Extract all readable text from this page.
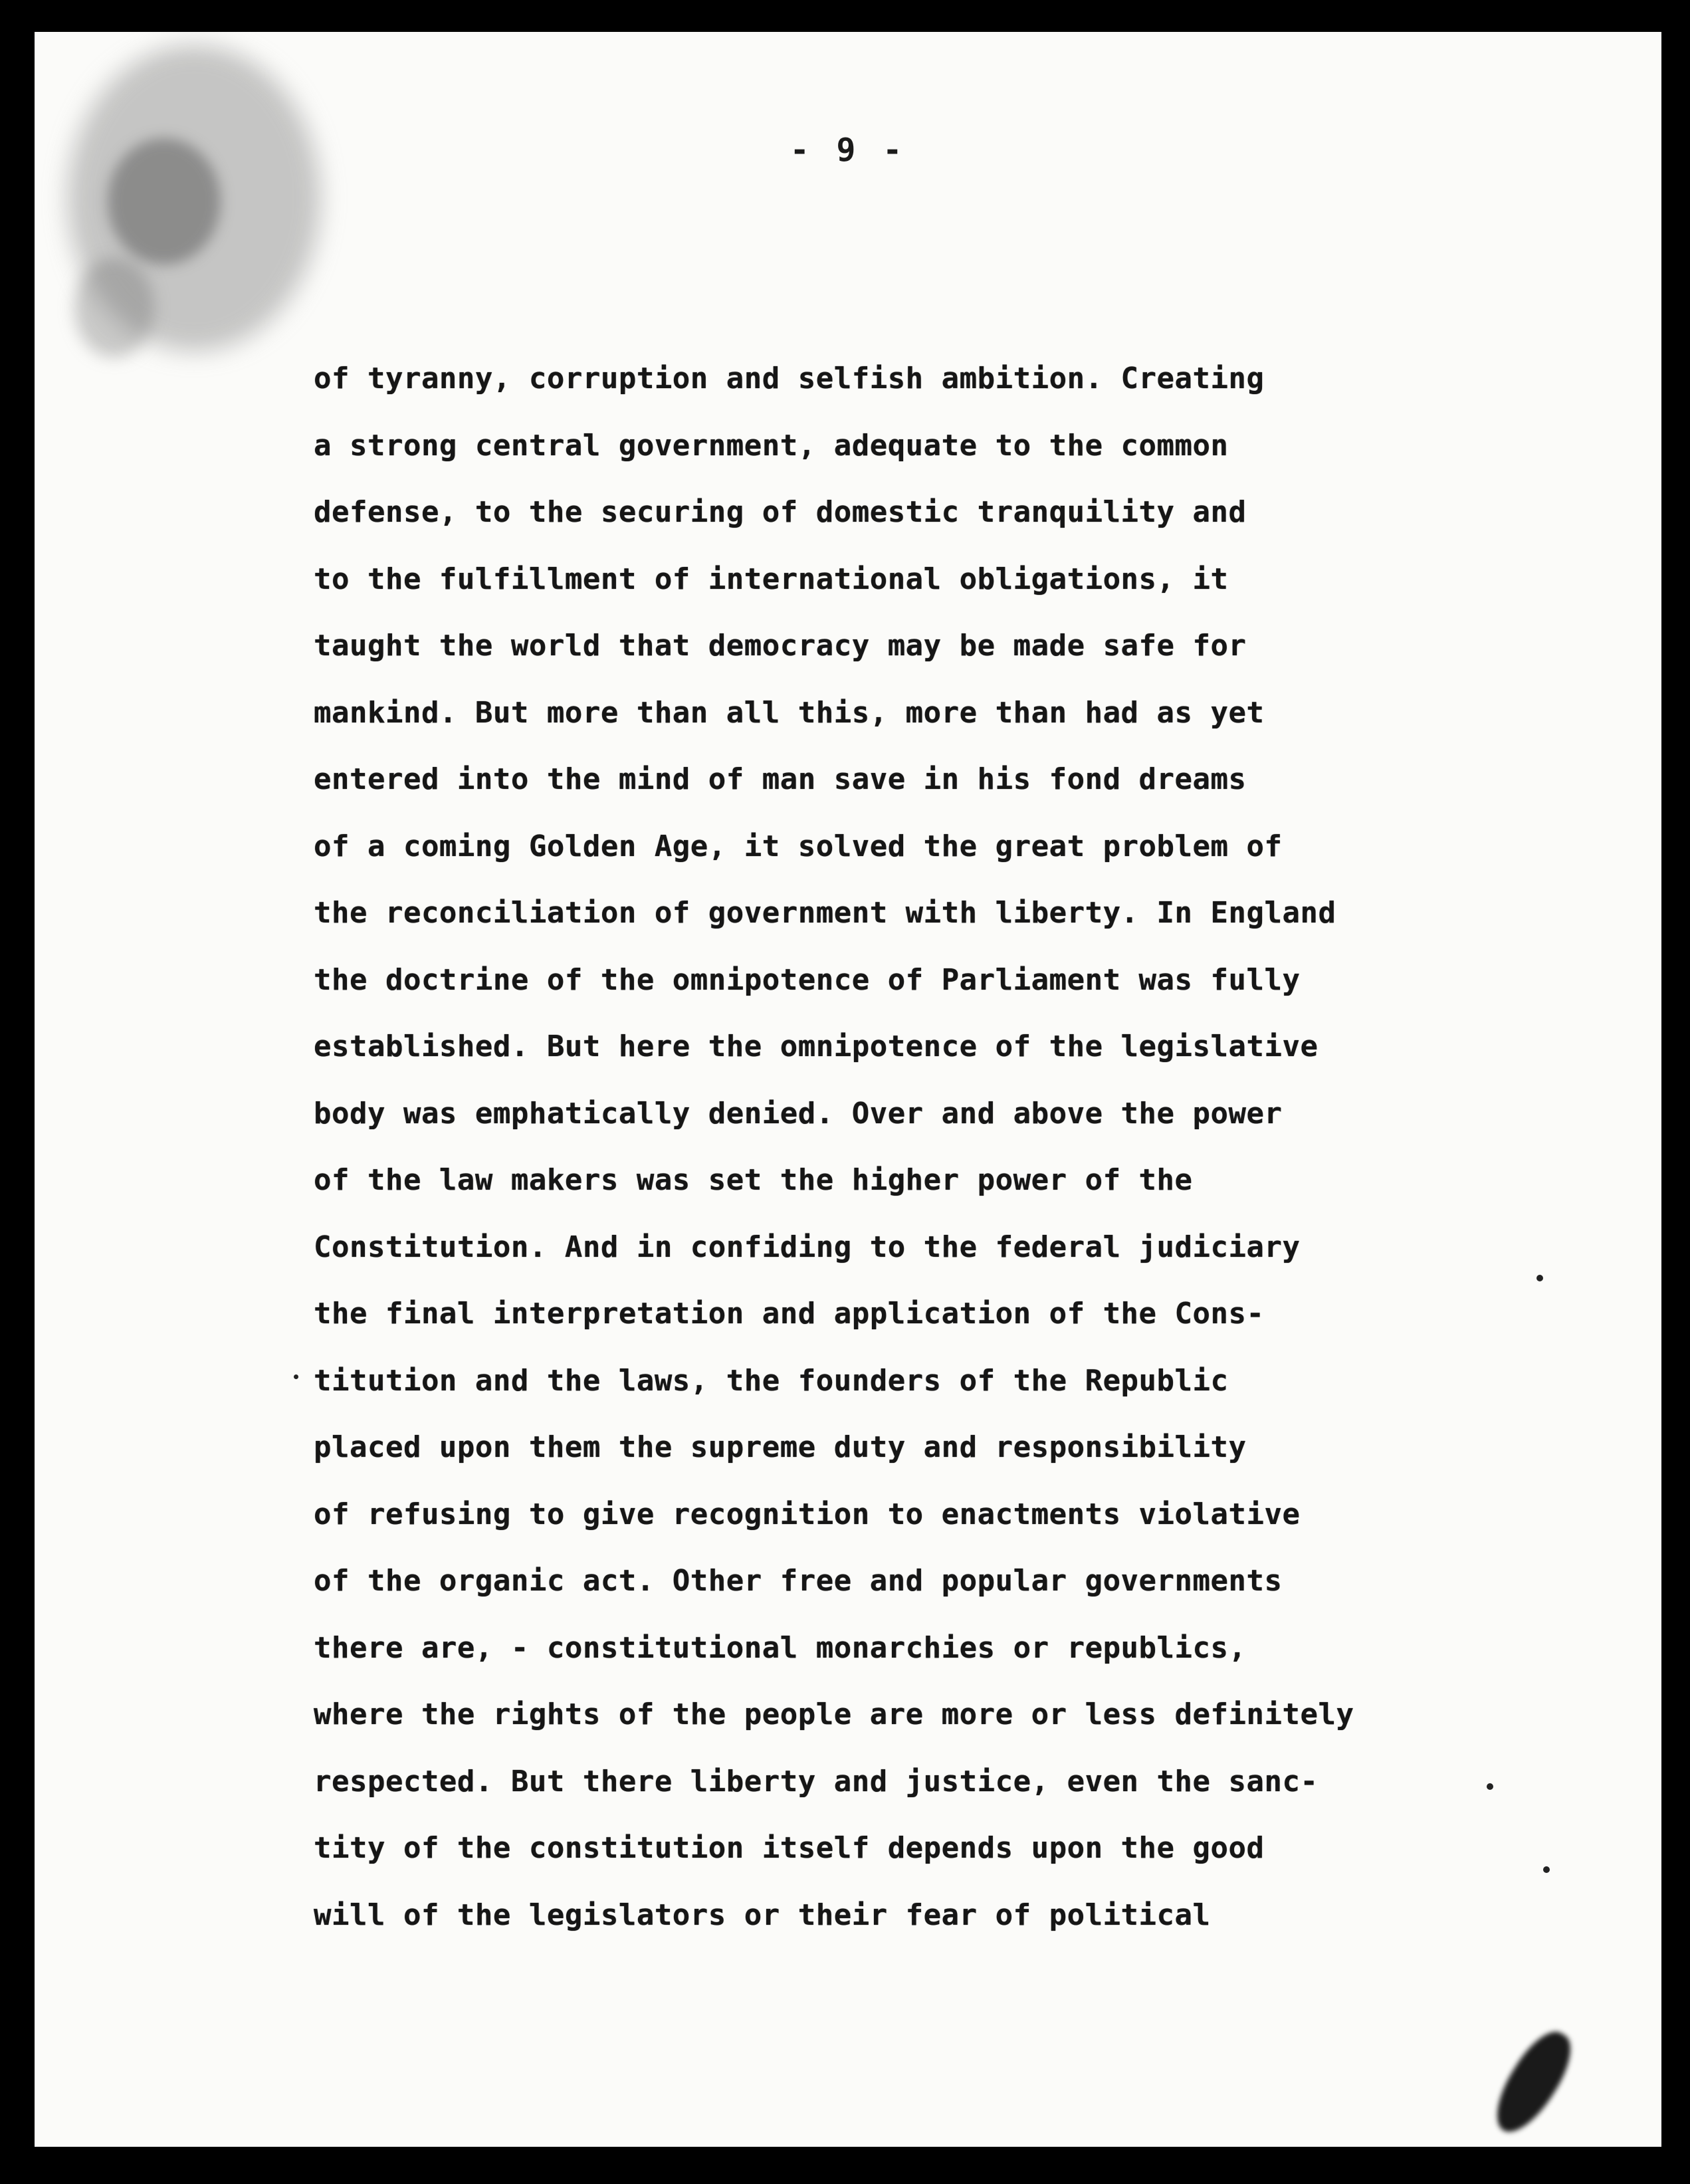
- 9 -
of tyranny, corruption and selfish ambition. Creating
a strong central government, adequate to the common
defense, to the securing of domestic tranquility and
to the fulfillment of international obligations, it
taught the world that democracy may be made safe for
mankind. But more than all this, more than had as yet
entered into the mind of man save in his fond dreams
of a coming Golden Age, it solved the great problem of
the reconciliation of government with liberty. In England
the doctrine of the omnipotence of Parliament was fully
established. But here the omnipotence of the legislative
body was emphatically denied. Over and above the power
of the law makers was set the higher power of the
Constitution. And in confiding to the federal judiciary
the final interpretation and application of the Cons-
titution and the laws, the founders of the Republic
placed upon them the supreme duty and responsibility
of refusing to give recognition to enactments violative
of the organic act. Other free and popular governments
there are, - constitutional monarchies or republics,
where the rights of the people are more or less definitely
respected. But there liberty and justice, even the sanc-
tity of the constitution itself depends upon the good
will of the legislators or their fear of political
